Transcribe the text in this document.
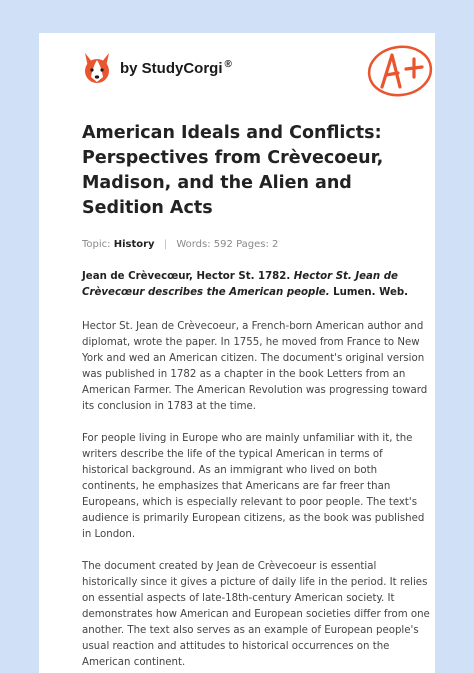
by StudyCorgi ®
American Ideals and Conflicts: Perspectives from Crèvecoeur, Madison, and the Alien and Sedition Acts
Topic: History | Words: 592 Pages: 2

Jean de Crèvecœur, Hector St. 1782. Hector St. Jean de Crèvecœur describes the American people. Lumen. Web.

Hector St. Jean de Crèvecoeur, a French-born American author and diplomat, wrote the paper. In 1755, he moved from France to New York and wed an American citizen. The document's original version was published in 1782 as a chapter in the book Letters from an American Farmer. The American Revolution was progressing toward its conclusion in 1783 at the time.

For people living in Europe who are mainly unfamiliar with it, the writers describe the life of the typical American in terms of historical background. As an immigrant who lived on both continents, he emphasizes that Americans are far freer than Europeans, which is especially relevant to poor people. The text's audience is primarily European citizens, as the book was published in London.

The document created by Jean de Crèvecoeur is essential historically since it gives a picture of daily life in the period. It relies on essential aspects of late-18th-century American society. It demonstrates how American and European societies differ from one another. The text also serves as an example of European people's usual reaction and attitudes to historical occurrences on the American continent.
